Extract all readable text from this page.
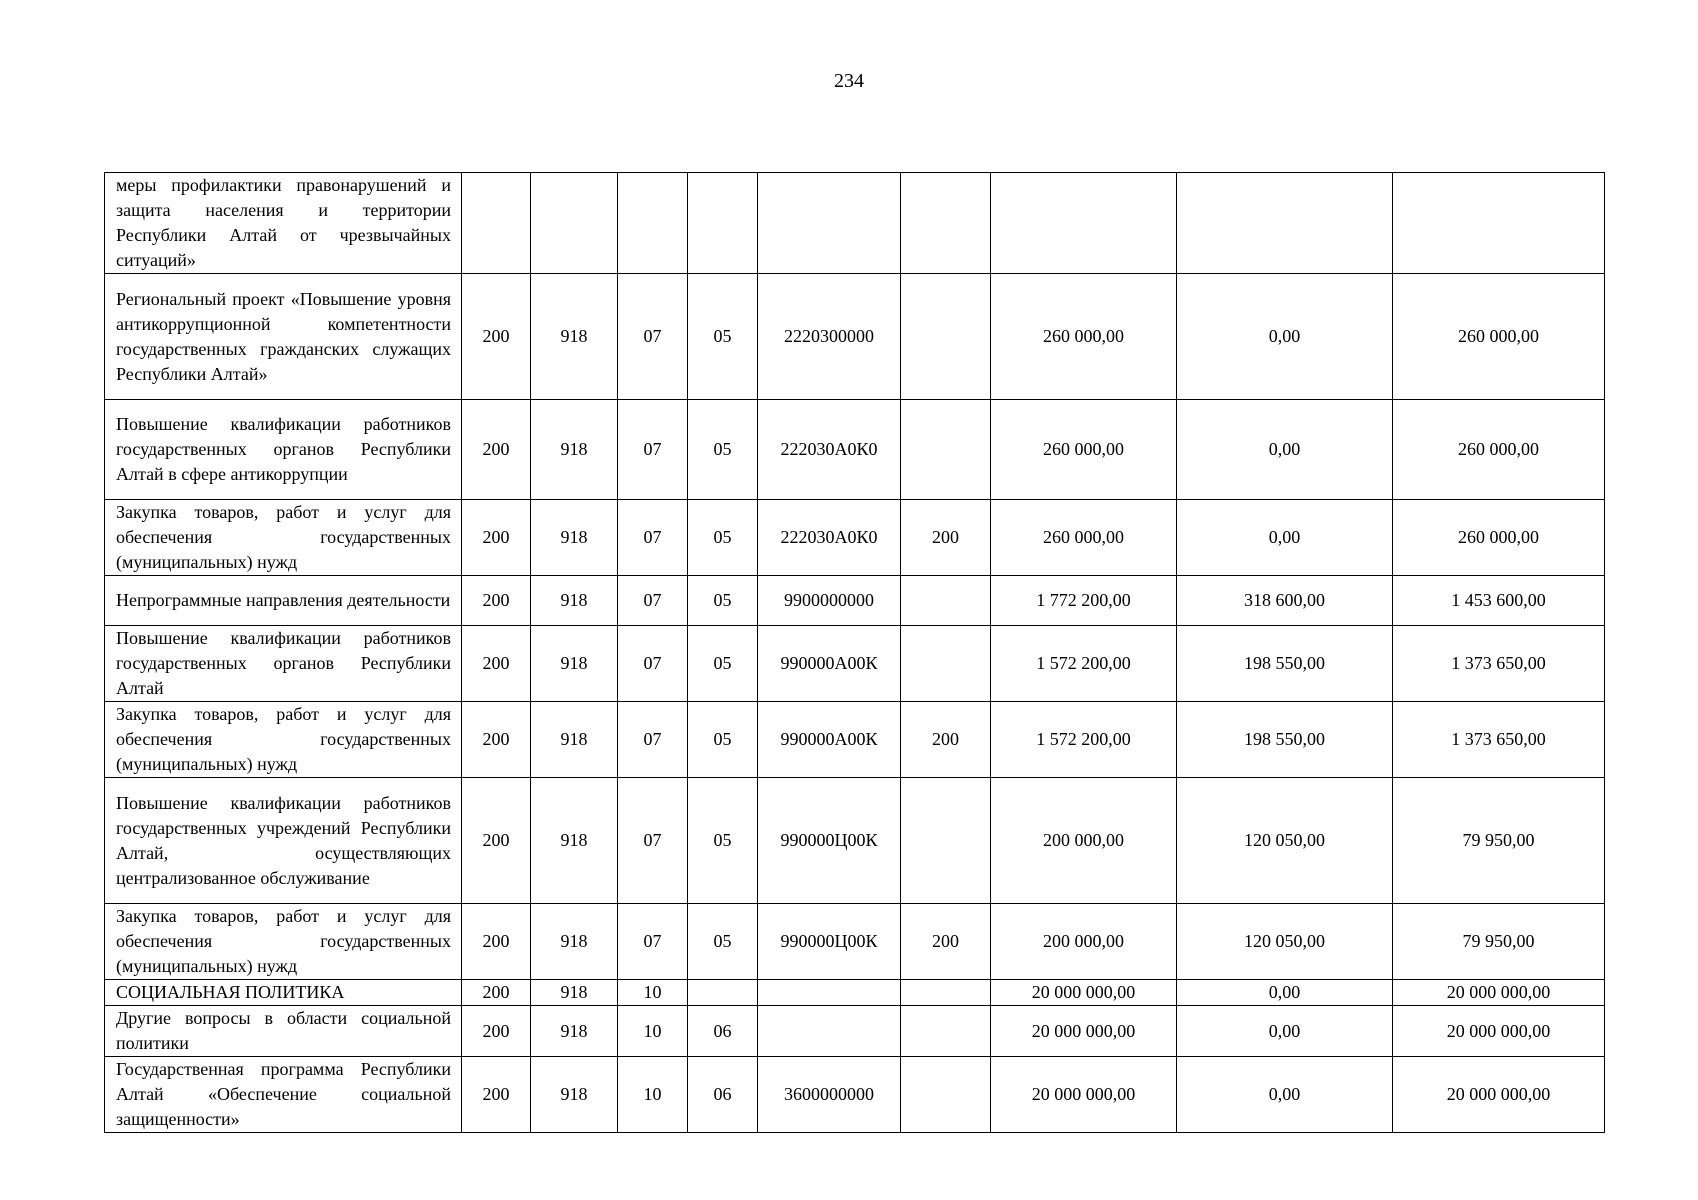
234
меры профилактики правонарушений и защита населения и территории Республики Алтай от чрезвычайных ситуаций»									
Региональный проект «Повышение уровня антикоррупционной компетентности государственных гражданских служащих Республики Алтай»	200	918	07	05	2220300000		260 000,00	0,00	260 000,00
Повышение квалификации работников государственных органов Республики Алтай в сфере антикоррупции	200	918	07	05	222030А0К0		260 000,00	0,00	260 000,00
Закупка товаров, работ и услуг для обеспечения государственных (муниципальных) нужд	200	918	07	05	222030А0К0	200	260 000,00	0,00	260 000,00
Непрограммные направления деятельности	200	918	07	05	9900000000		1 772 200,00	318 600,00	1 453 600,00
Повышение квалификации работников государственных органов Республики Алтай	200	918	07	05	990000А00К		1 572 200,00	198 550,00	1 373 650,00
Закупка товаров, работ и услуг для обеспечения государственных (муниципальных) нужд	200	918	07	05	990000А00К	200	1 572 200,00	198 550,00	1 373 650,00
Повышение квалификации работников государственных учреждений Республики Алтай, осуществляющих централизованное обслуживание	200	918	07	05	990000Ц00К		200 000,00	120 050,00	79 950,00
Закупка товаров, работ и услуг для обеспечения государственных (муниципальных) нужд	200	918	07	05	990000Ц00К	200	200 000,00	120 050,00	79 950,00
СОЦИАЛЬНАЯ ПОЛИТИКА	200	918	10				20 000 000,00	0,00	20 000 000,00
Другие вопросы в области социальной политики	200	918	10	06			20 000 000,00	0,00	20 000 000,00
Государственная программа Республики Алтай «Обеспечение социальной защищенности»	200	918	10	06	3600000000		20 000 000,00	0,00	20 000 000,00
